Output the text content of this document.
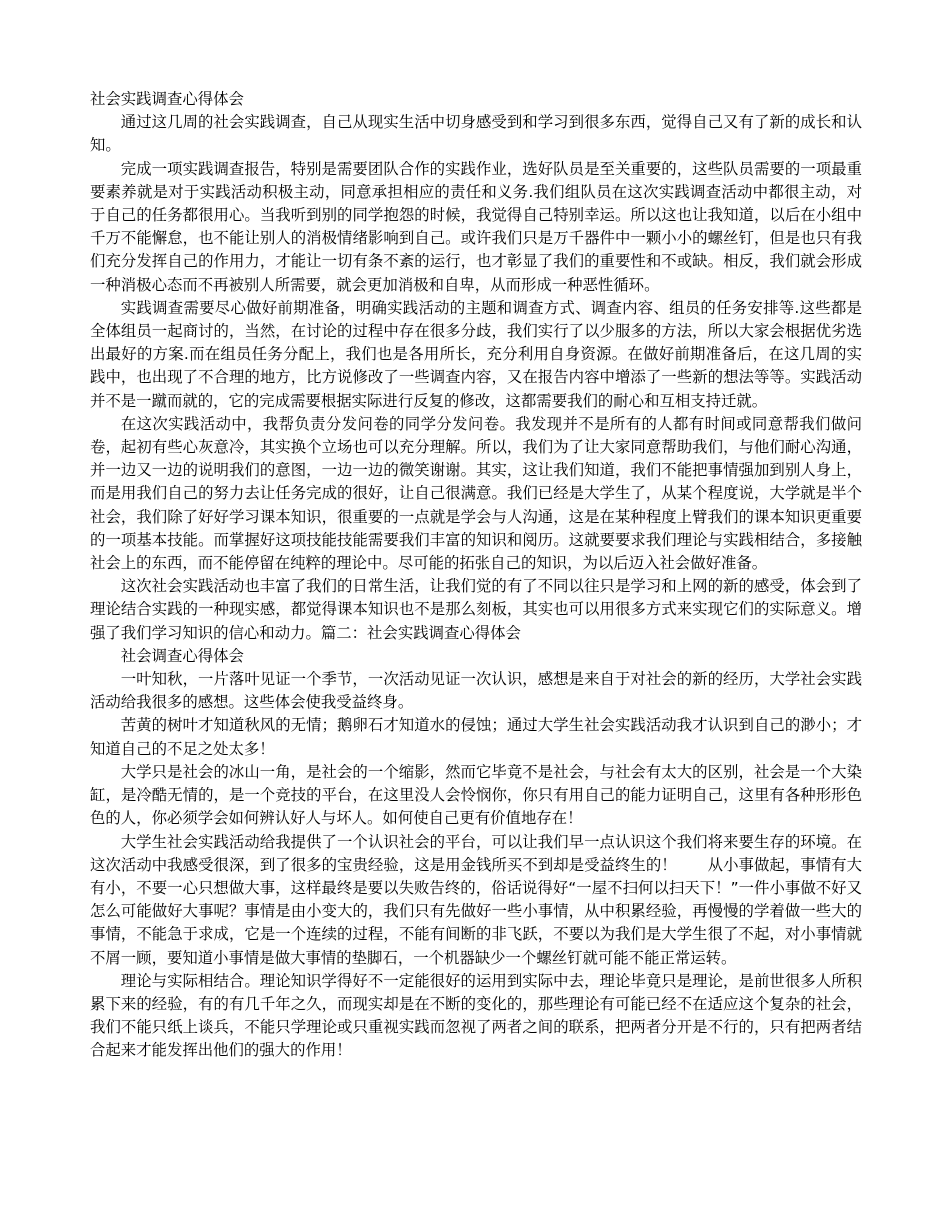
社会实践调查心得体会

通过这几周的社会实践调查，自己从现实生活中切身感受到和学习到很多东西，觉得自己又有了新的成长和认知。

完成一项实践调查报告，特别是需要团队合作的实践作业，选好队员是至关重要的，这些队员需要的一项最重要素养就是对于实践活动积极主动，同意承担相应的责任和义务.我们组队员在这次实践调查活动中都很主动，对于自己的任务都很用心。当我听到别的同学抱怨的时候，我觉得自己特别幸运。所以这也让我知道，以后在小组中千万不能懈怠，也不能让别人的消极情绪影响到自己。或许我们只是万千器件中一颗小小的螺丝钉，但是也只有我们充分发挥自己的作用力，才能让一切有条不紊的运行，也才彰显了我们的重要性和不或缺。相反，我们就会形成一种消极心态而不再被别人所需要，就会更加消极和自卑，从而形成一种恶性循环。

实践调查需要尽心做好前期准备，明确实践活动的主题和调查方式、调查内容、组员的任务安排等.这些都是全体组员一起商讨的，当然，在讨论的过程中存在很多分歧，我们实行了以少服多的方法，所以大家会根据优劣选出最好的方案.而在组员任务分配上，我们也是各用所长，充分利用自身资源。在做好前期准备后，在这几周的实践中，也出现了不合理的地方，比方说修改了一些调查内容，又在报告内容中增添了一些新的想法等等。实践活动并不是一蹴而就的，它的完成需要根据实际进行反复的修改，这都需要我们的耐心和互相支持迁就。

在这次实践活动中，我帮负责分发问卷的同学分发问卷。我发现并不是所有的人都有时间或同意帮我们做问卷，起初有些心灰意冷，其实换个立场也可以充分理解。所以，我们为了让大家同意帮助我们，与他们耐心沟通，并一边又一边的说明我们的意图，一边一边的微笑谢谢。其实，这让我们知道，我们不能把事情强加到别人身上，而是用我们自己的努力去让任务完成的很好，让自己很满意。我们已经是大学生了，从某个程度说，大学就是半个社会，我们除了好好学习课本知识，很重要的一点就是学会与人沟通，这是在某种程度上臂我们的课本知识更重要的一项基本技能。而掌握好这项技能技能需要我们丰富的知识和阅历。这就要要求我们理论与实践相结合，多接触社会上的东西，而不能停留在纯粹的理论中。尽可能的拓张自己的知识，为以后迈入社会做好准备。

这次社会实践活动也丰富了我们的日常生活，让我们觉的有了不同以往只是学习和上网的新的感受，体会到了理论结合实践的一种现实感，都觉得课本知识也不是那么刻板，其实也可以用很多方式来实现它们的实际意义。增强了我们学习知识的信心和动力。篇二：社会实践调查心得体会

社会调查心得体会

一叶知秋，一片落叶见证一个季节，一次活动见证一次认识，感想是来自于对社会的新的经历，大学社会实践活动给我很多的感想。这些体会使我受益终身。

苦黄的树叶才知道秋风的无情；鹅卵石才知道水的侵蚀；通过大学生社会实践活动我才认识到自己的渺小；才知道自己的不足之处太多！

大学只是社会的冰山一角，是社会的一个缩影，然而它毕竟不是社会，与社会有太大的区别，社会是一个大染缸，是冷酷无情的，是一个竞技的平台，在这里没人会怜悯你，你只有用自己的能力证明自己，这里有各种形形色色的人，你必须学会如何辨认好人与坏人。如何使自己更有价值地存在！

大学生社会实践活动给我提供了一个认识社会的平台，可以让我们早一点认识这个我们将来要生存的环境。在这次活动中我感受很深，到了很多的宝贵经验，这是用金钱所买不到却是受益终生的！　　从小事做起，事情有大有小，不要一心只想做大事，这样最终是要以失败告终的，俗话说得好“一屋不扫何以扫天下！”一件小事做不好又怎么可能做好大事呢？事情是由小变大的，我们只有先做好一些小事情，从中积累经验，再慢慢的学着做一些大的事情，不能急于求成，它是一个连续的过程，不能有间断的非飞跃，不要以为我们是大学生很了不起，对小事情就不屑一顾，要知道小事情是做大事情的垫脚石，一个机器缺少一个螺丝钉就可能不能正常运转。

理论与实际相结合。理论知识学得好不一定能很好的运用到实际中去，理论毕竟只是理论，是前世很多人所积累下来的经验，有的有几千年之久，而现实却是在不断的变化的，那些理论有可能已经不在适应这个复杂的社会，我们不能只纸上谈兵，不能只学理论或只重视实践而忽视了两者之间的联系，把两者分开是不行的，只有把两者结合起来才能发挥出他们的强大的作用！
